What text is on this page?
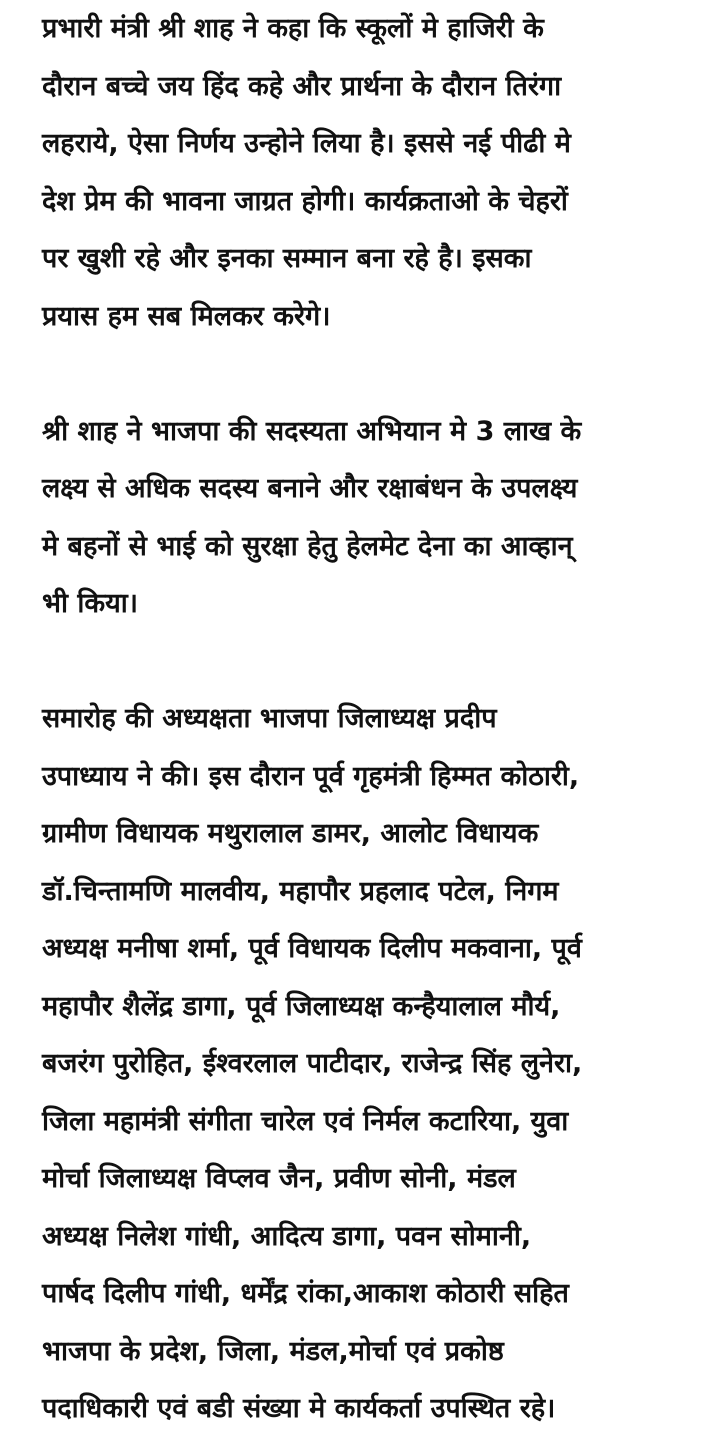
प्रभारी मंत्री श्री शाह ने कहा कि स्कूलों मे हाजिरी के
दौरान बच्चे जय हिंद कहे और प्रार्थना के दौरान तिरंगा
लहराये, ऐसा निर्णय उन्होने लिया है। इससे नई पीढी मे
देश प्रेम की भावना जाग्रत होगी। कार्यक्रताओ के चेहरों
पर खुशी रहे और इनका सम्मान बना रहे है। इसका
प्रयास हम सब मिलकर करेगे।
श्री शाह ने भाजपा की सदस्यता अभियान मे 3 लाख के
लक्ष्य से अधिक सदस्य बनाने और रक्षाबंधन के उपलक्ष्य
मे बहनों से भाई को सुरक्षा हेतु हेलमेट देना का आव्हान्
भी किया।
समारोह की अध्यक्षता भाजपा जिलाध्यक्ष प्रदीप
उपाध्याय ने की। इस दौरान पूर्व गृहमंत्री हिम्मत कोठारी,
ग्रामीण विधायक मथुरालाल डामर, आलोट विधायक
डॉ.चिन्तामणि मालवीय, महापौर प्रहलाद पटेल, निगम
अध्यक्ष मनीषा शर्मा, पूर्व विधायक दिलीप मकवाना, पूर्व
महापौर शैलेंद्र डागा, पूर्व जिलाध्यक्ष कन्हैयालाल मौर्य,
बजरंग पुरोहित, ईश्वरलाल पाटीदार, राजेन्द्र सिंह लुनेरा,
जिला महामंत्री संगीता चारेल एवं निर्मल कटारिया, युवा
मोर्चा जिलाध्यक्ष विप्लव जैन, प्रवीण सोनी, मंडल
अध्यक्ष निलेश गांधी, आदित्य डागा, पवन सोमानी,
पार्षद दिलीप गांधी, धर्मेंद्र रांका,आकाश कोठारी सहित
भाजपा के प्रदेश, जिला, मंडल,मोर्चा एवं प्रकोष्ठ
पदाधिकारी एवं बडी संख्या मे कार्यकर्ता उपस्थित रहे।
